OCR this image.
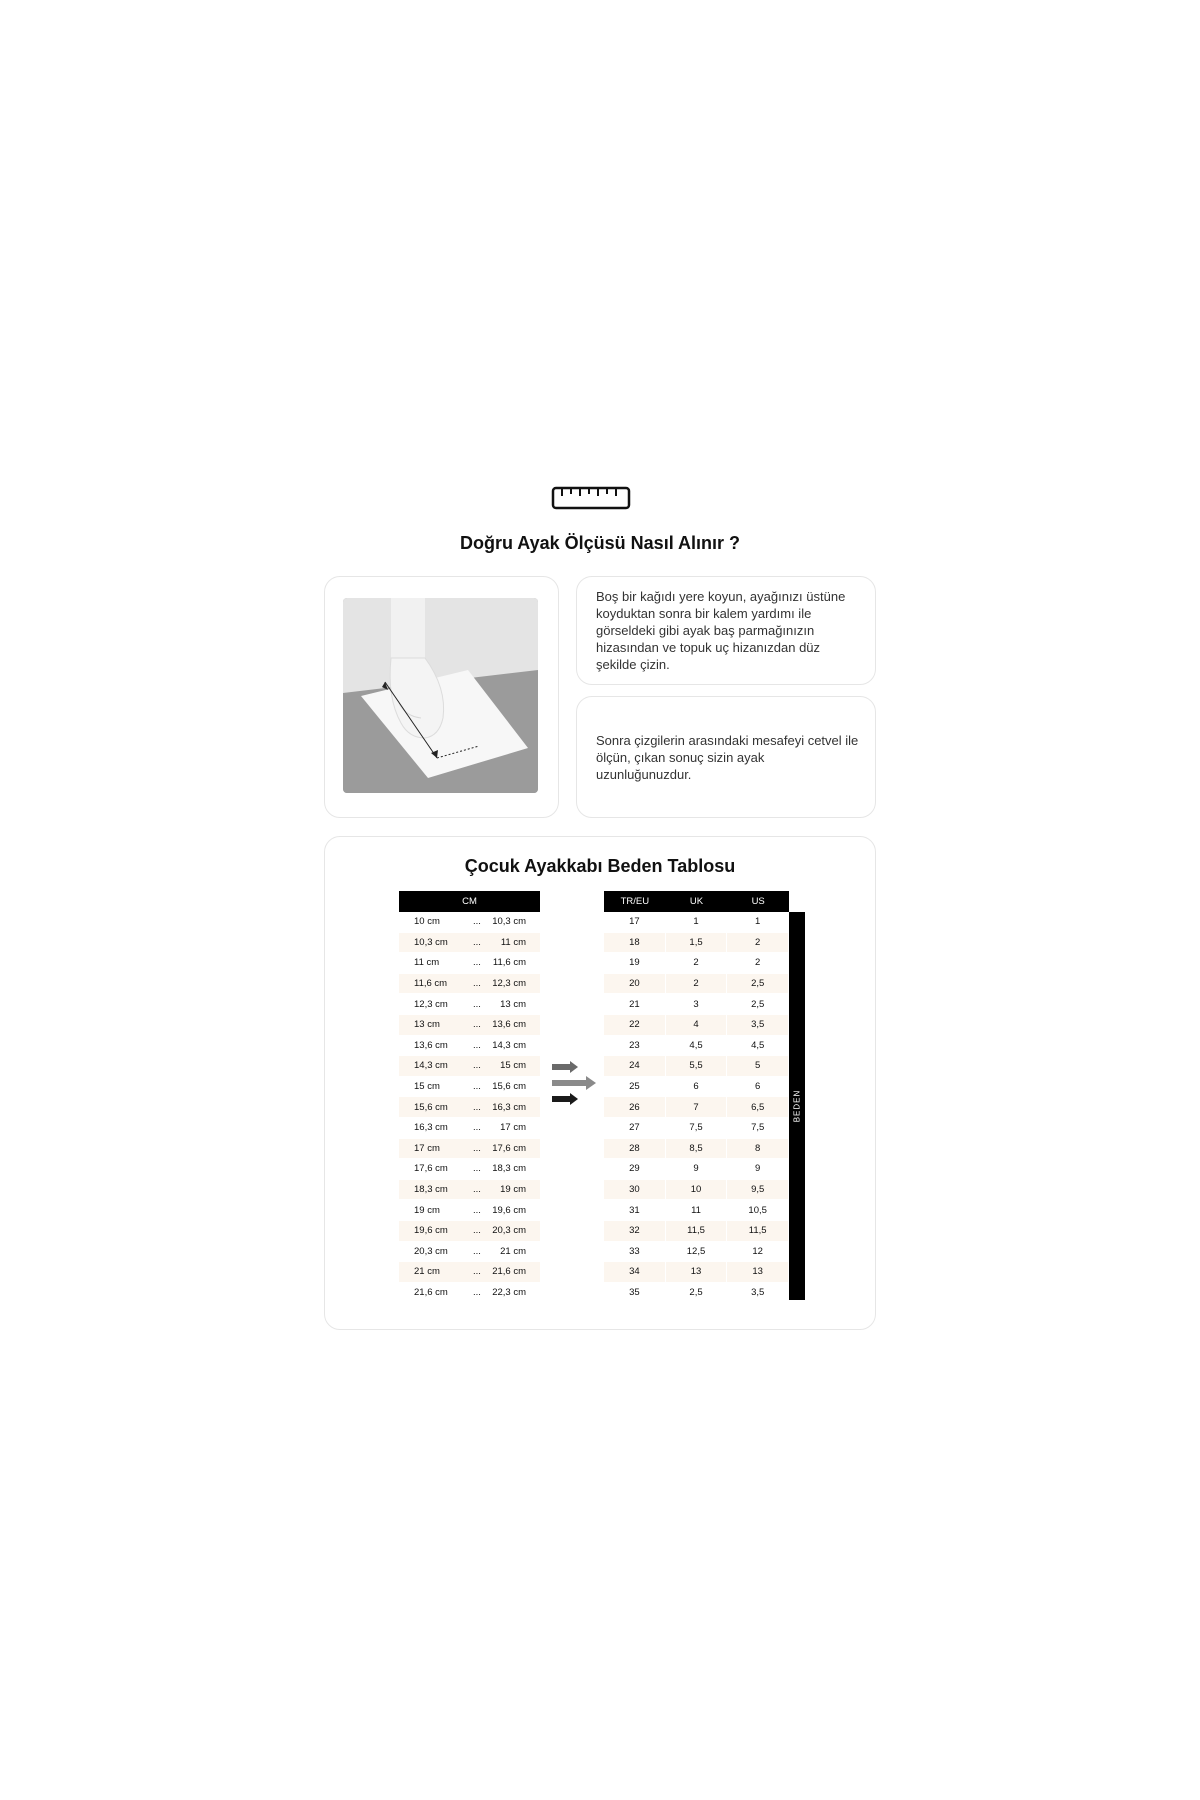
Doğru Ayak Ölçüsü Nasıl Alınır ?
Boş bir kağıdı yere koyun, ayağınızı üstüne koyduktan sonra bir kalem yardımı ile görseldeki gibi ayak baş parmağınızın hizasından ve topuk uç hizanızdan düz şekilde çizin.
Sonra çizgilerin arasındaki mesafeyi cetvel ile ölçün, çıkan sonuç sizin ayak uzunluğunuzdur.
Çocuk Ayakkabı Beden Tablosu
CM		
10 cm	...	10,3 cm
10,3 cm	...	11 cm
11 cm	...	11,6 cm
11,6 cm	...	12,3 cm
12,3 cm	...	13 cm
13 cm	...	13,6 cm
13,6 cm	...	14,3 cm
14,3 cm	...	15 cm
15 cm	...	15,6 cm
15,6 cm	...	16,3 cm
16,3 cm	...	17 cm
17 cm	...	17,6 cm
17,6 cm	...	18,3 cm
18,3 cm	...	19 cm
19 cm	...	19,6 cm
19,6 cm	...	20,3 cm
20,3 cm	...	21 cm
21 cm	...	21,6 cm
21,6 cm	...	22,3 cm
TR/EU	UK	US
17	1	1
18	1,5	2
19	2	2
20	2	2,5
21	3	2,5
22	4	3,5
23	4,5	4,5
24	5,5	5
25	6	6
26	7	6,5
27	7,5	7,5
28	8,5	8
29	9	9
30	10	9,5
31	11	10,5
32	11,5	11,5
33	12,5	12
34	13	13
35	2,5	3,5
BEDEN
